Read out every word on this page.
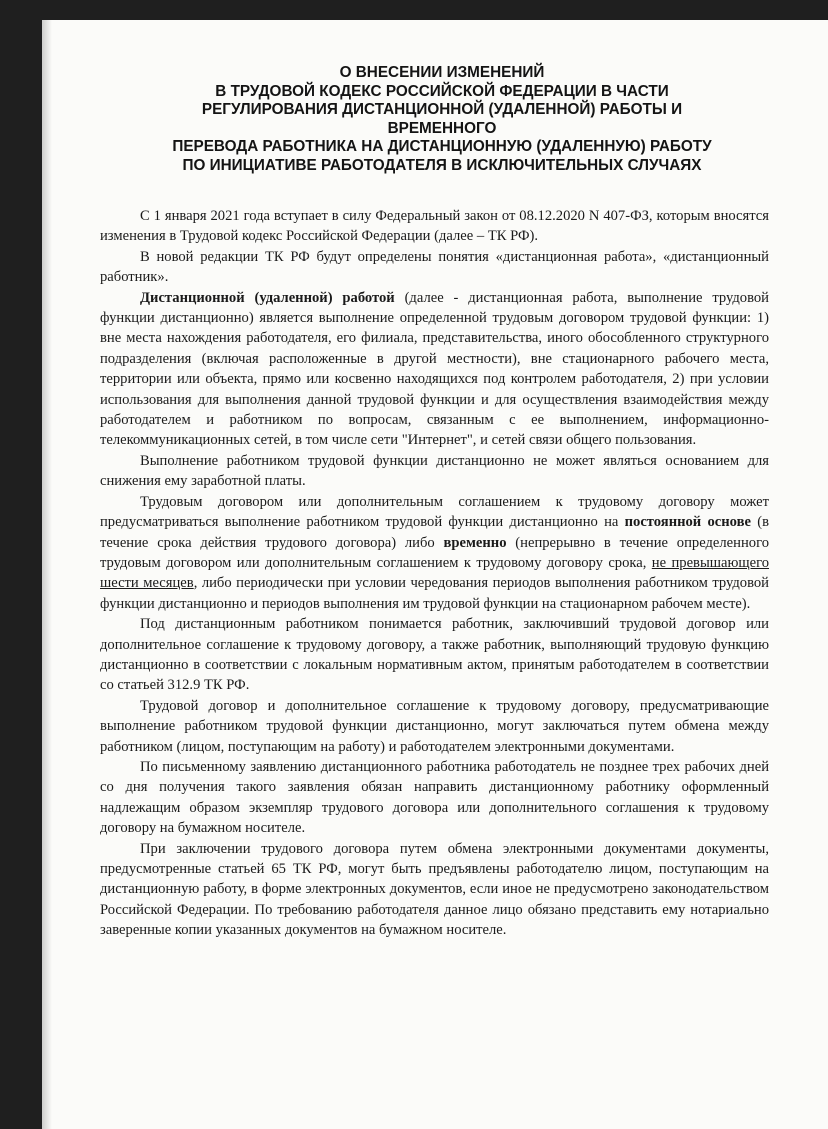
О ВНЕСЕНИИ ИЗМЕНЕНИЙ
В ТРУДОВОЙ КОДЕКС РОССИЙСКОЙ ФЕДЕРАЦИИ В ЧАСТИ
РЕГУЛИРОВАНИЯ ДИСТАНЦИОННОЙ (УДАЛЕННОЙ) РАБОТЫ И
ВРЕМЕННОГО
ПЕРЕВОДА РАБОТНИКА НА ДИСТАНЦИОННУЮ (УДАЛЕННУЮ) РАБОТУ
ПО ИНИЦИАТИВЕ РАБОТОДАТЕЛЯ В ИСКЛЮЧИТЕЛЬНЫХ СЛУЧАЯХ

С 1 января 2021 года вступает в силу Федеральный закон от 08.12.2020 N 407-ФЗ, которым вносятся изменения в Трудовой кодекс Российской Федерации (далее – ТК РФ).

В новой редакции ТК РФ будут определены понятия «дистанционная работа», «дистанционный работник».

Дистанционной (удаленной) работой (далее - дистанционная работа, выполнение трудовой функции дистанционно) является выполнение определенной трудовым договором трудовой функции: 1) вне места нахождения работодателя, его филиала, представительства, иного обособленного структурного подразделения (включая расположенные в другой местности), вне стационарного рабочего места, территории или объекта, прямо или косвенно находящихся под контролем работодателя, 2) при условии использования для выполнения данной трудовой функции и для осуществления взаимодействия между работодателем и работником по вопросам, связанным с ее выполнением, информационно-телекоммуникационных сетей, в том числе сети "Интернет", и сетей связи общего пользования.

Выполнение работником трудовой функции дистанционно не может являться основанием для снижения ему заработной платы.

Трудовым договором или дополнительным соглашением к трудовому договору может предусматриваться выполнение работником трудовой функции дистанционно на постоянной основе (в течение срока действия трудового договора) либо временно (непрерывно в течение определенного трудовым договором или дополнительным соглашением к трудовому договору срока, не превышающего шести месяцев, либо периодически при условии чередования периодов выполнения работником трудовой функции дистанционно и периодов выполнения им трудовой функции на стационарном рабочем месте).

Под дистанционным работником понимается работник, заключивший трудовой договор или дополнительное соглашение к трудовому договору, а также работник, выполняющий трудовую функцию дистанционно в соответствии с локальным нормативным актом, принятым работодателем в соответствии со статьей 312.9 ТК РФ.

Трудовой договор и дополнительное соглашение к трудовому договору, предусматривающие выполнение работником трудовой функции дистанционно, могут заключаться путем обмена между работником (лицом, поступающим на работу) и работодателем электронными документами.

По письменному заявлению дистанционного работника работодатель не позднее трех рабочих дней со дня получения такого заявления обязан направить дистанционному работнику оформленный надлежащим образом экземпляр трудового договора или дополнительного соглашения к трудовому договору на бумажном носителе.

При заключении трудового договора путем обмена электронными документами документы, предусмотренные статьей 65 ТК РФ, могут быть предъявлены работодателю лицом, поступающим на дистанционную работу, в форме электронных документов, если иное не предусмотрено законодательством Российской Федерации. По требованию работодателя данное лицо обязано представить ему нотариально заверенные копии указанных документов на бумажном носителе.
